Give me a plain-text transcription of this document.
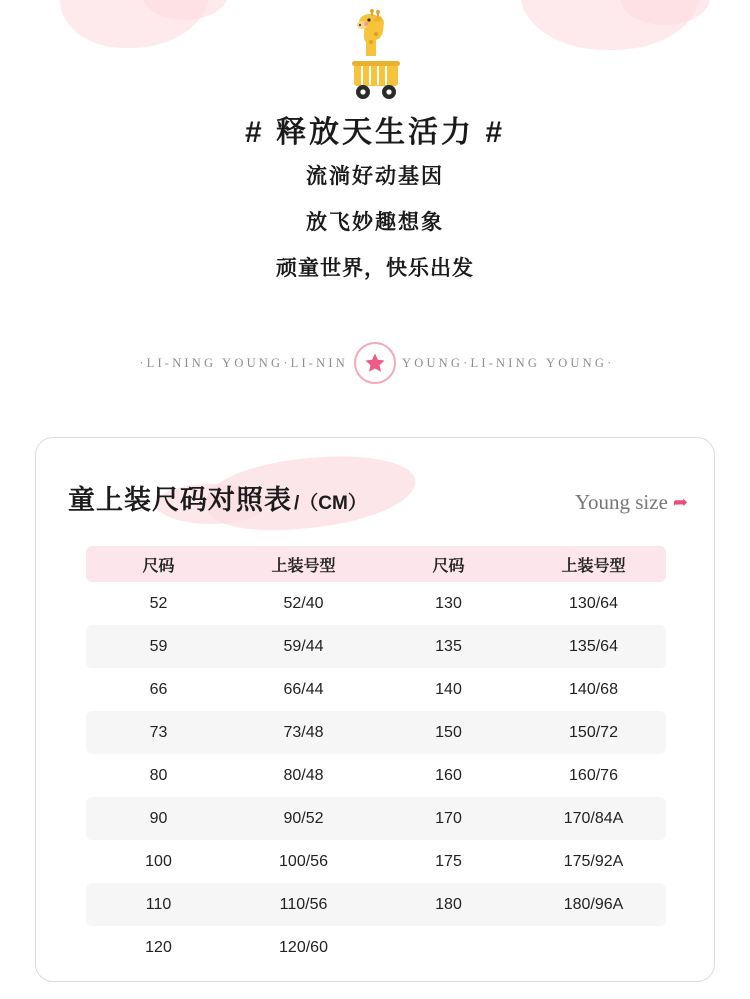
# 释放天生活力 #

流淌好动基因

放飞妙趣想象

顽童世界，快乐出发

·LI-NING YOUNG·LI-NIN	YOUNG·LI-NING YOUNG·
童上装尺码对照表 /（CM）	Young size ➦
尺码	上装号型	尺码	上装号型
52	52/40	130	130/64
59	59/44	135	135/64
66	66/44	140	140/68
73	73/48	150	150/72
80	80/48	160	160/76
90	90/52	170	170/84A
100	100/56	175	175/92A
110	110/56	180	180/96A
120	120/60		
